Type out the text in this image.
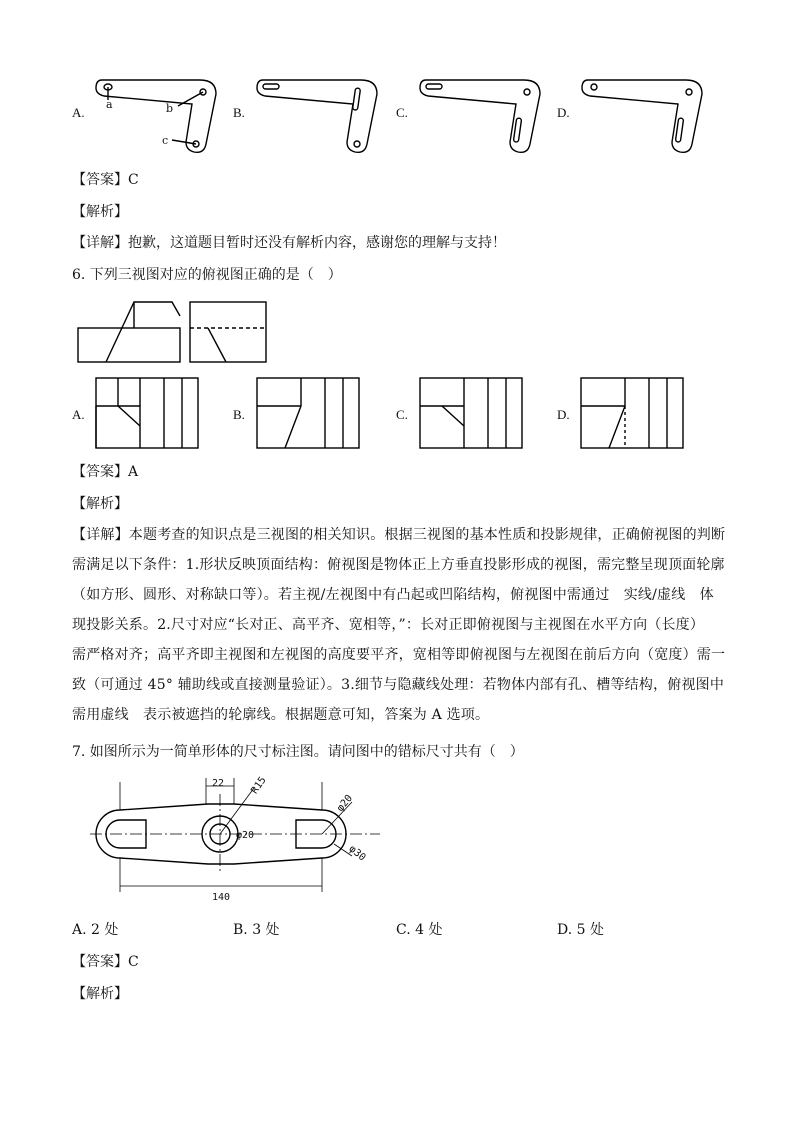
A.	B.	C.	D.
a	b
c
【答案】C
【解析】
【详解】抱歉，这道题目暂时还没有解析内容，感谢您的理解与支持！
6. 下列三视图对应的俯视图正确的是（　）
A.	B.	C.	D.
【答案】A
【解析】
【详解】本题考查的知识点是三视图的相关知识。根据三视图的基本性质和投影规律，正确俯视图的判断
需满足以下条件：1.形状反映顶面结构：俯视图是物体正上方垂直投影形成的视图，需完整呈现顶面轮廓
（如方形、圆形、对称缺口等）。若主视/左视图中有凸起或凹陷结构，俯视图中需通过　实线/虚线　体
现投影关系。2.尺寸对应“长对正、高平齐、宽相等，”：长对正即俯视图与主视图在水平方向（长度）
需严格对齐；高平齐即主视图和左视图的高度要平齐，宽相等即俯视图与左视图在前后方向（宽度）需一
致（可通过 45° 辅助线或直接测量验证）。3.细节与隐藏线处理：若物体内部有孔、槽等结构，俯视图中
需用虚线　表示被遮挡的轮廓线。根据题意可知，答案为 A 选项。
7. 如图所示为一简单形体的尺寸标注图。请问图中的错标尺寸共有（　）
22	R15
φ20
φ20
φ30
140
A. 2 处	B. 3 处	C. 4 处	D. 5 处
【答案】C
【解析】
